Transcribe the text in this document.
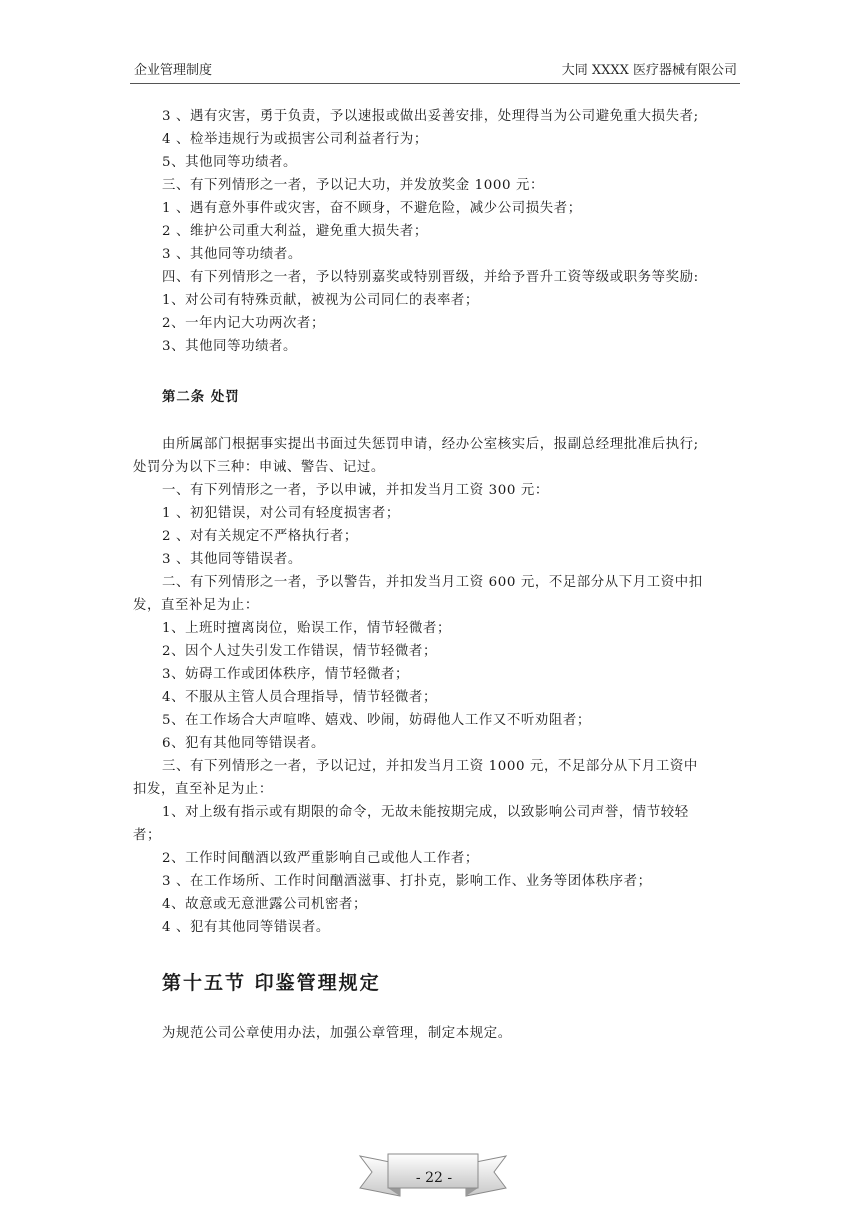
企业管理制度	大同 XXXX 医疗器械有限公司
3 、遇有灾害，勇于负责，予以速报或做出妥善安排，处理得当为公司避免重大损失者;
4 、检举违规行为或损害公司利益者行为；
5、其他同等功绩者。
三、有下列情形之一者，予以记大功，并发放奖金 1000 元：
1 、遇有意外事件或灾害，奋不顾身，不避危险，减少公司损失者；
2 、维护公司重大利益，避免重大损失者；
3 、其他同等功绩者。
四、有下列情形之一者，予以特别嘉奖或特别晋级，并给予晋升工资等级或职务等奖励:
1、对公司有特殊贡献，被视为公司同仁的表率者；
2、一年内记大功两次者；
3、其他同等功绩者。
第二条 处罚
由所属部门根据事实提出书面过失惩罚申请，经办公室核实后，报副总经理批准后执行;
处罚分为以下三种：申诫、警告、记过。
一、有下列情形之一者，予以申诫，并扣发当月工资 300 元：
1 、初犯错误，对公司有轻度损害者；
2 、对有关规定不严格执行者；
3 、其他同等错误者。
二、有下列情形之一者，予以警告，并扣发当月工资 600 元，不足部分从下月工资中扣
发，直至补足为止：
1、上班时擅离岗位，贻误工作，情节轻微者；
2、因个人过失引发工作错误，情节轻微者；
3、妨碍工作或团体秩序，情节轻微者；
4、不服从主管人员合理指导，情节轻微者；
5、在工作场合大声喧哗、嬉戏、吵闹，妨碍他人工作又不听劝阻者；
6、犯有其他同等错误者。
三、有下列情形之一者，予以记过，并扣发当月工资 1000 元，不足部分从下月工资中
扣发，直至补足为止：
1、对上级有指示或有期限的命令，无故未能按期完成，以致影响公司声誉，情节较轻
者；
2、工作时间酗酒以致严重影响自己或他人工作者；
3 、在工作场所、工作时间酗酒滋事、打扑克，影响工作、业务等团体秩序者；
4、故意或无意泄露公司机密者；
4 、犯有其他同等错误者。
第十五节 印鉴管理规定
为规范公司公章使用办法，加强公章管理，制定本规定。
- 22 -
